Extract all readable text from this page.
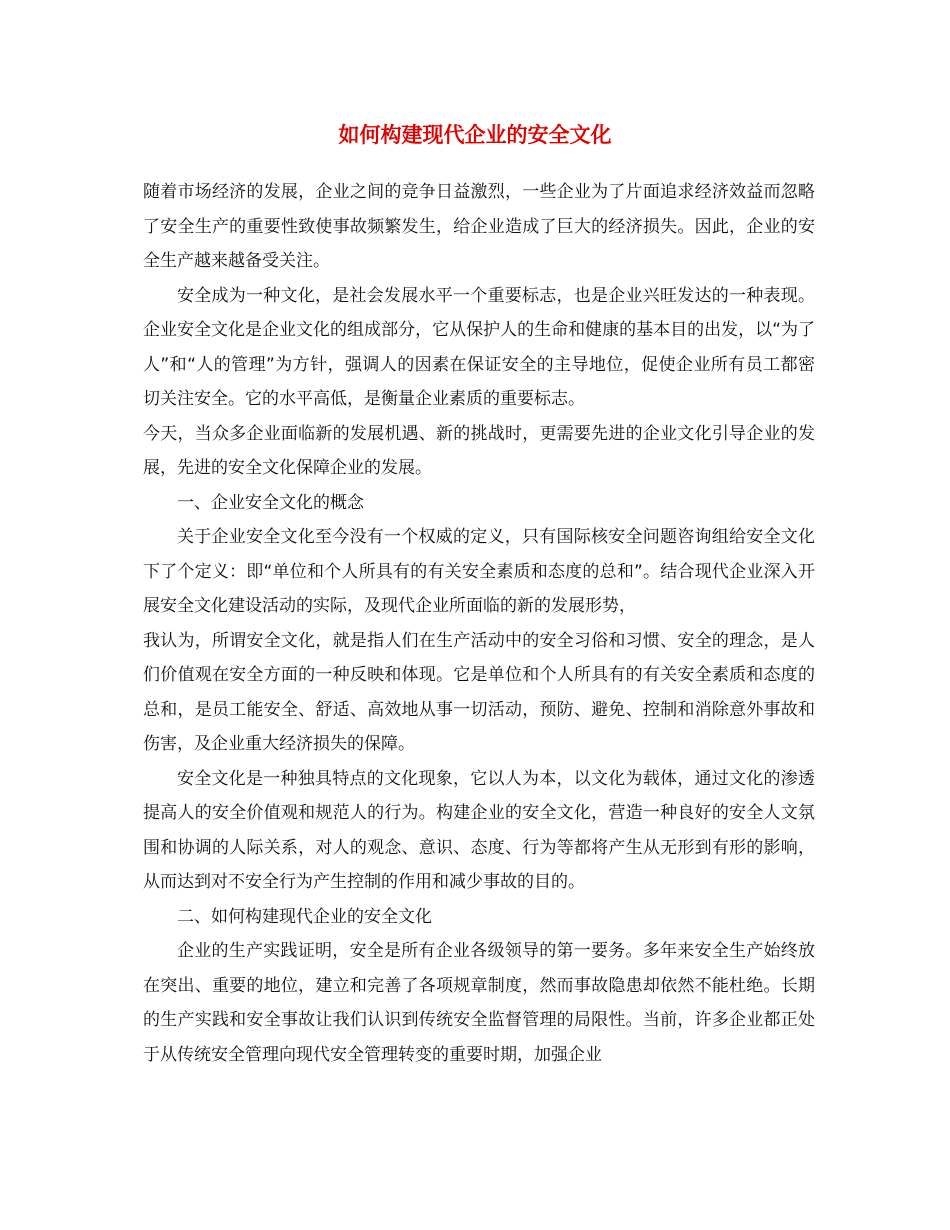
如何构建现代企业的安全文化

随着市场经济的发展，企业之间的竞争日益激烈，一些企业为了片面追求经济效益而忽略了安全生产的重要性致使事故频繁发生，给企业造成了巨大的经济损失。因此，企业的安全生产越来越备受关注。

安全成为一种文化，是社会发展水平一个重要标志，也是企业兴旺发达的一种表现。企业安全文化是企业文化的组成部分，它从保护人的生命和健康的基本目的出发，以“为了人”和“人的管理”为方针，强调人的因素在保证安全的主导地位，促使企业所有员工都密切关注安全。它的水平高低，是衡量企业素质的重要标志。

今天，当众多企业面临新的发展机遇、新的挑战时，更需要先进的企业文化引导企业的发展，先进的安全文化保障企业的发展。

一、企业安全文化的概念

关于企业安全文化至今没有一个权威的定义，只有国际核安全问题咨询组给安全文化下了个定义：即“单位和个人所具有的有关安全素质和态度的总和”。结合现代企业深入开展安全文化建设活动的实际，及现代企业所面临的新的发展形势，

我认为，所谓安全文化，就是指人们在生产活动中的安全习俗和习惯、安全的理念，是人们价值观在安全方面的一种反映和体现。它是单位和个人所具有的有关安全素质和态度的总和，是员工能安全、舒适、高效地从事一切活动，预防、避免、控制和消除意外事故和伤害，及企业重大经济损失的保障。

安全文化是一种独具特点的文化现象，它以人为本，以文化为载体，通过文化的渗透提高人的安全价值观和规范人的行为。构建企业的安全文化，营造一种良好的安全人文氛围和协调的人际关系，对人的观念、意识、态度、行为等都将产生从无形到有形的影响，从而达到对不安全行为产生控制的作用和减少事故的目的。

二、如何构建现代企业的安全文化

企业的生产实践证明，安全是所有企业各级领导的第一要务。多年来安全生产始终放在突出、重要的地位，建立和完善了各项规章制度，然而事故隐患却依然不能杜绝。长期的生产实践和安全事故让我们认识到传统安全监督管理的局限性。当前，许多企业都正处于从传统安全管理向现代安全管理转变的重要时期，加强企业
